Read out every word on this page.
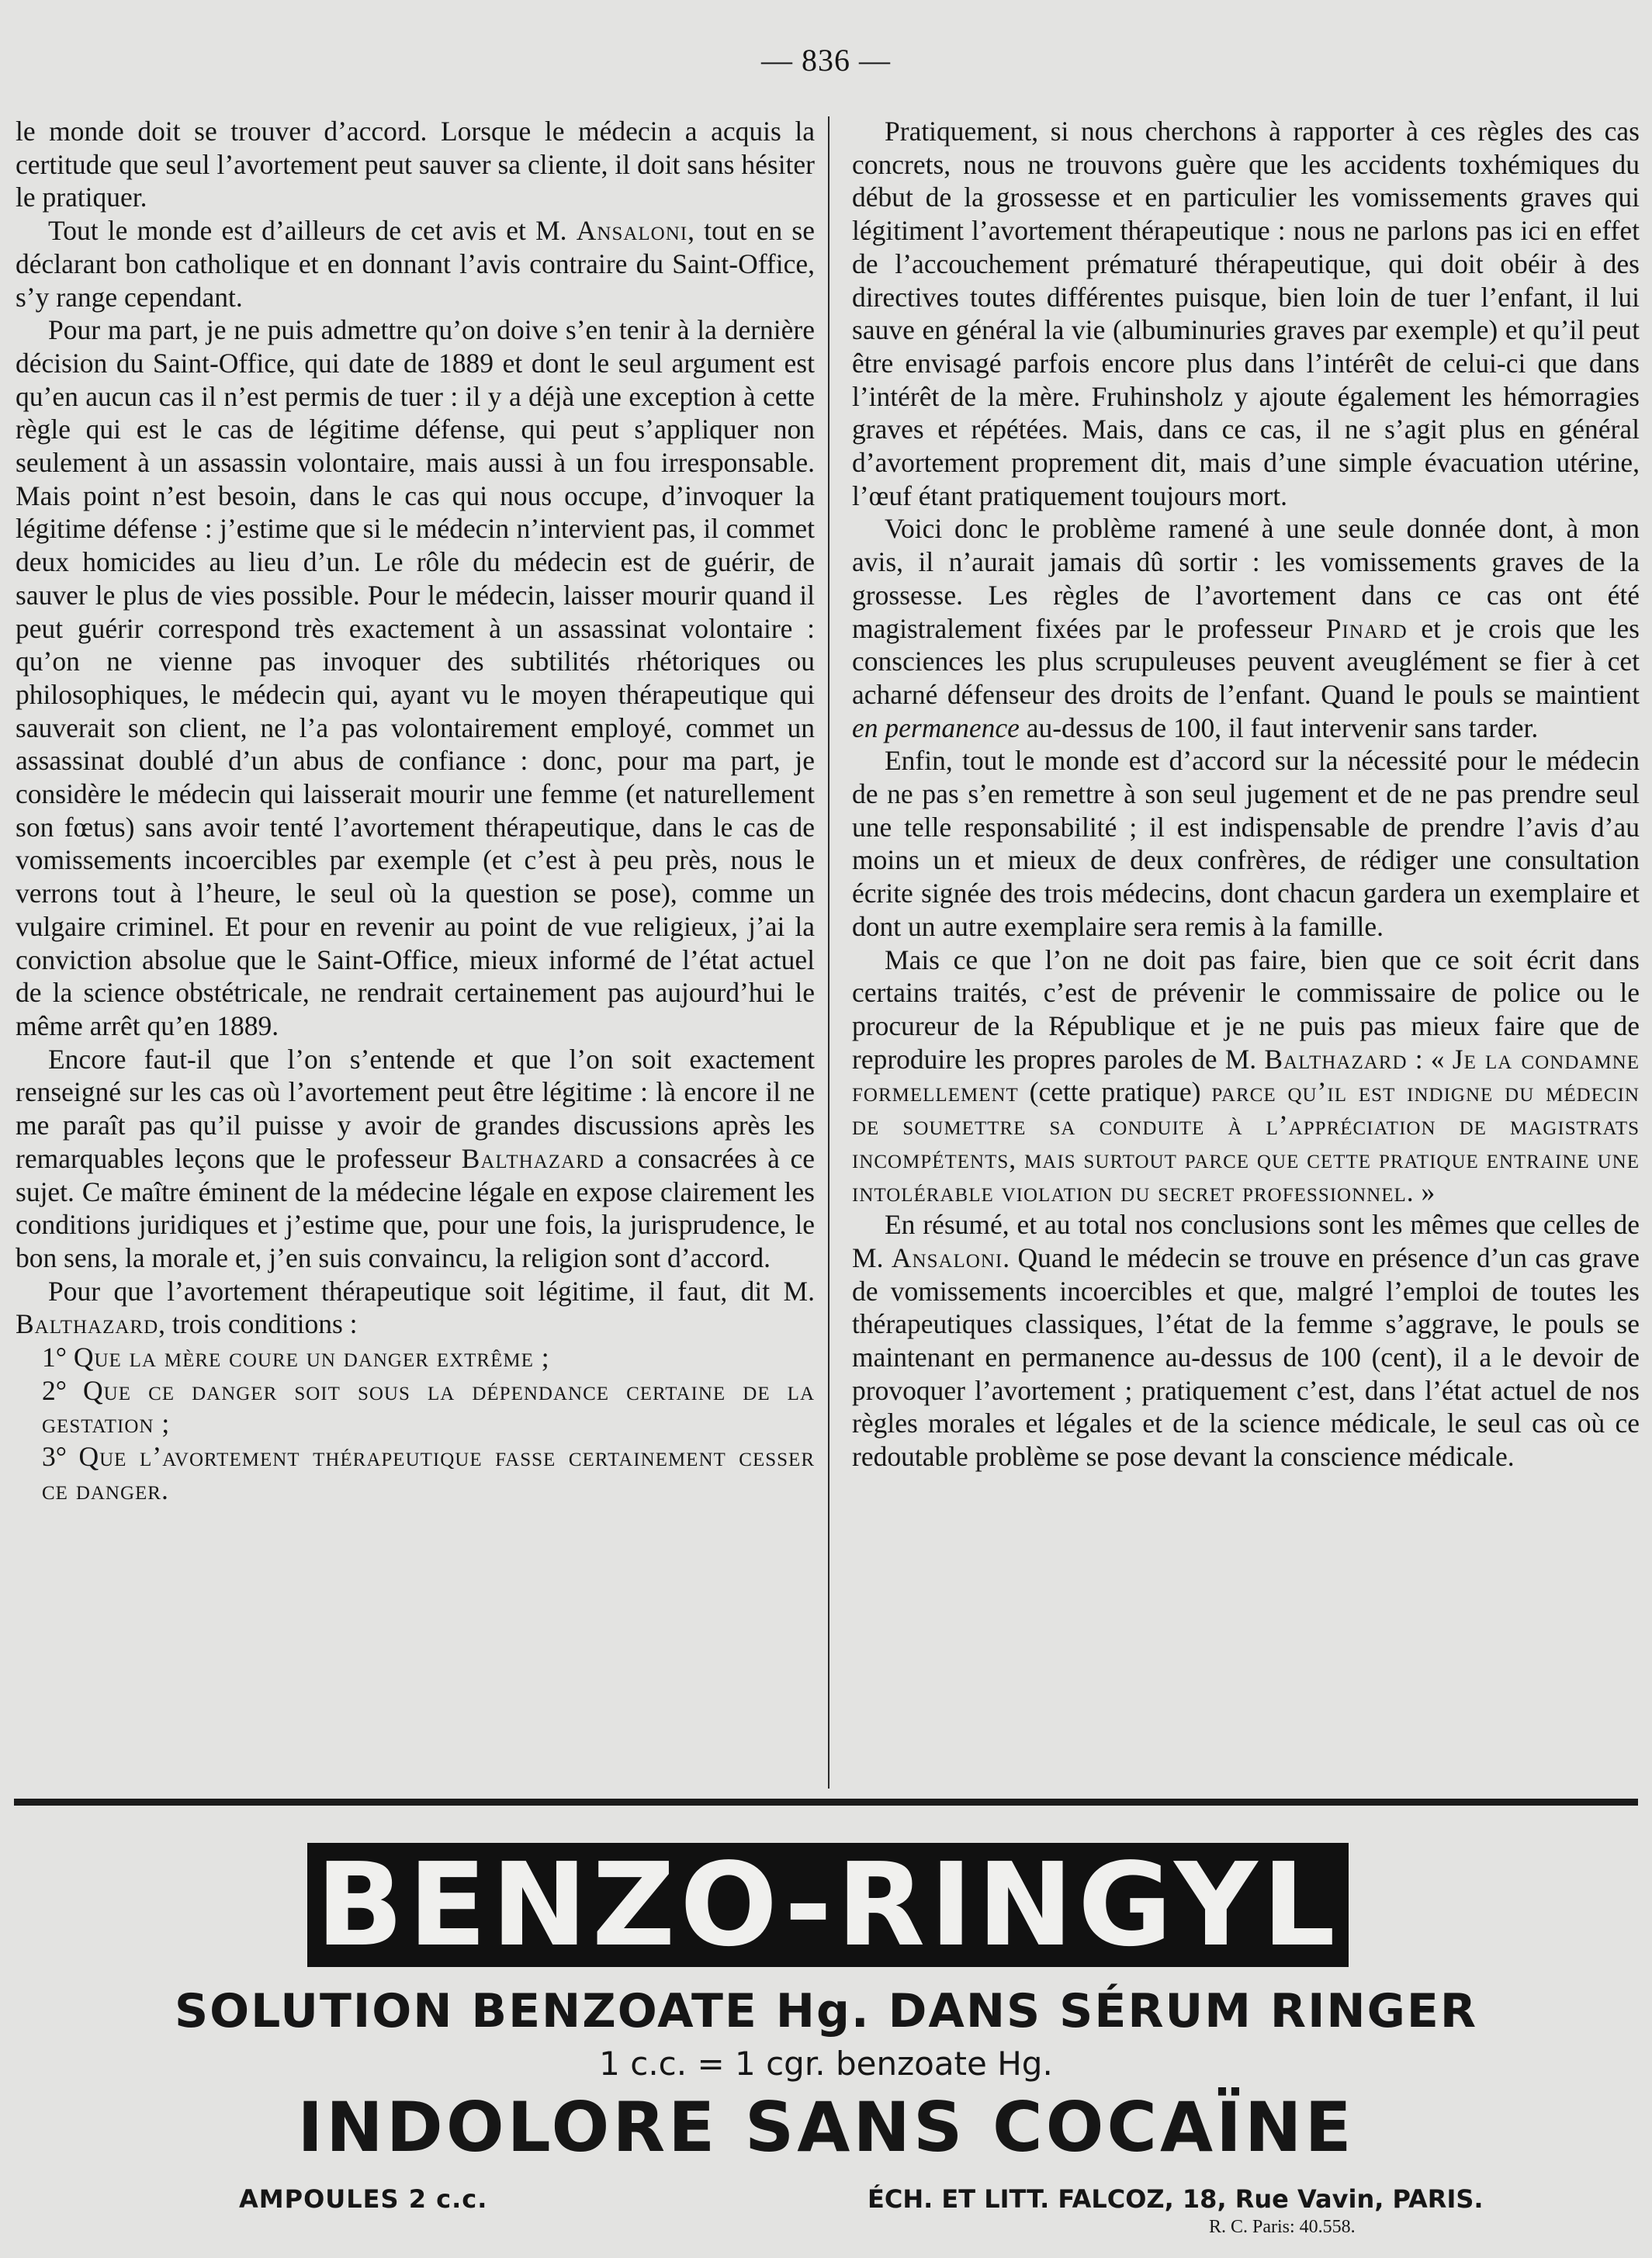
— 836 —

le monde doit se trouver d’accord. Lorsque le médecin a acquis la certitude que seul l’avortement peut sauver sa cliente, il doit sans hésiter le pratiquer.

Tout le monde est d’ailleurs de cet avis et M. Ansaloni, tout en se déclarant bon catholique et en donnant l’avis contraire du Saint-Office, s’y range cependant.

Pour ma part, je ne puis admettre qu’on doive s’en tenir à la dernière décision du Saint-Office, qui date de 1889 et dont le seul argument est qu’en aucun cas il n’est permis de tuer : il y a déjà une exception à cette règle qui est le cas de légitime défense, qui peut s’appliquer non seulement à un assassin volontaire, mais aussi à un fou irresponsable. Mais point n’est besoin, dans le cas qui nous occupe, d’invoquer la légitime défense : j’estime que si le médecin n’intervient pas, il commet deux homicides au lieu d’un. Le rôle du médecin est de guérir, de sauver le plus de vies possible. Pour le médecin, laisser mourir quand il peut guérir correspond très exactement à un assassinat volontaire : qu’on ne vienne pas invoquer des subtilités rhétoriques ou philosophiques, le médecin qui, ayant vu le moyen thérapeutique qui sauverait son client, ne l’a pas volontairement employé, commet un assassinat doublé d’un abus de confiance : donc, pour ma part, je considère le médecin qui laisserait mourir une femme (et naturellement son fœtus) sans avoir tenté l’avortement thérapeutique, dans le cas de vomissements incoercibles par exemple (et c’est à peu près, nous le verrons tout à l’heure, le seul où la question se pose), comme un vulgaire criminel. Et pour en revenir au point de vue religieux, j’ai la conviction absolue que le Saint-Office, mieux informé de l’état actuel de la science obstétricale, ne rendrait certainement pas aujourd’hui le même arrêt qu’en 1889.

Encore faut-il que l’on s’entende et que l’on soit exactement renseigné sur les cas où l’avortement peut être légitime : là encore il ne me paraît pas qu’il puisse y avoir de grandes discussions après les remarquables leçons que le professeur Balthazard a consacrées à ce sujet. Ce maître éminent de la médecine légale en expose clairement les conditions juridiques et j’estime que, pour une fois, la jurisprudence, le bon sens, la morale et, j’en suis convaincu, la religion sont d’accord.

Pour que l’avortement thérapeutique soit légitime, il faut, dit M. Balthazard, trois conditions :

1° Que la mère coure un danger extrême ;

2° Que ce danger soit sous la dépendance certaine de la gestation ;

3° Que l’avortement thérapeutique fasse certainement cesser ce danger.

Pratiquement, si nous cherchons à rapporter à ces règles des cas concrets, nous ne trouvons guère que les accidents toxhémiques du début de la grossesse et en particulier les vomissements graves qui légitiment l’avortement thérapeutique : nous ne parlons pas ici en effet de l’accouchement prématuré thérapeutique, qui doit obéir à des directives toutes différentes puisque, bien loin de tuer l’enfant, il lui sauve en général la vie (albuminuries graves par exemple) et qu’il peut être envisagé parfois encore plus dans l’intérêt de celui-ci que dans l’intérêt de la mère. Fruhinsholz y ajoute également les hémorragies graves et répétées. Mais, dans ce cas, il ne s’agit plus en général d’avortement proprement dit, mais d’une simple évacuation utérine, l’œuf étant pratiquement toujours mort.

Voici donc le problème ramené à une seule donnée dont, à mon avis, il n’aurait jamais dû sortir : les vomissements graves de la grossesse. Les règles de l’avortement dans ce cas ont été magistralement fixées par le professeur Pinard et je crois que les consciences les plus scrupuleuses peuvent aveuglément se fier à cet acharné défenseur des droits de l’enfant. Quand le pouls se maintient en permanence au-dessus de 100, il faut intervenir sans tarder.

Enfin, tout le monde est d’accord sur la nécessité pour le médecin de ne pas s’en remettre à son seul jugement et de ne pas prendre seul une telle responsabilité ; il est indispensable de prendre l’avis d’au moins un et mieux de deux confrères, de rédiger une consultation écrite signée des trois médecins, dont chacun gardera un exemplaire et dont un autre exemplaire sera remis à la famille.

Mais ce que l’on ne doit pas faire, bien que ce soit écrit dans certains traités, c’est de prévenir le commissaire de police ou le procureur de la République et je ne puis pas mieux faire que de reproduire les propres paroles de M. Balthazard : « Je la condamne formellement (cette pratique) parce qu’il est indigne du médecin de soumettre sa conduite à l’appréciation de magistrats incompétents, mais surtout parce que cette pratique entraine une intolérable violation du secret professionnel. »

En résumé, et au total nos conclusions sont les mêmes que celles de M. Ansaloni. Quand le médecin se trouve en présence d’un cas grave de vomissements incoercibles et que, malgré l’emploi de toutes les thérapeutiques classiques, l’état de la femme s’aggrave, le pouls se maintenant en permanence au-dessus de 100 (cent), il a le devoir de provoquer l’avortement ; pratiquement c’est, dans l’état actuel de nos règles morales et légales et de la science médicale, le seul cas où ce redoutable problème se pose devant la conscience médicale.

BENZO-RINGYL
SOLUTION BENZOATE Hg. DANS SÉRUM RINGER
1 c.c. = 1 cgr. benzoate Hg.
INDOLORE SANS COCAÏNE
AMPOULES 2 c.c.	ÉCH. ET LITT. FALCOZ, 18, Rue Vavin, PARIS.
R. C. Paris: 40.558.
